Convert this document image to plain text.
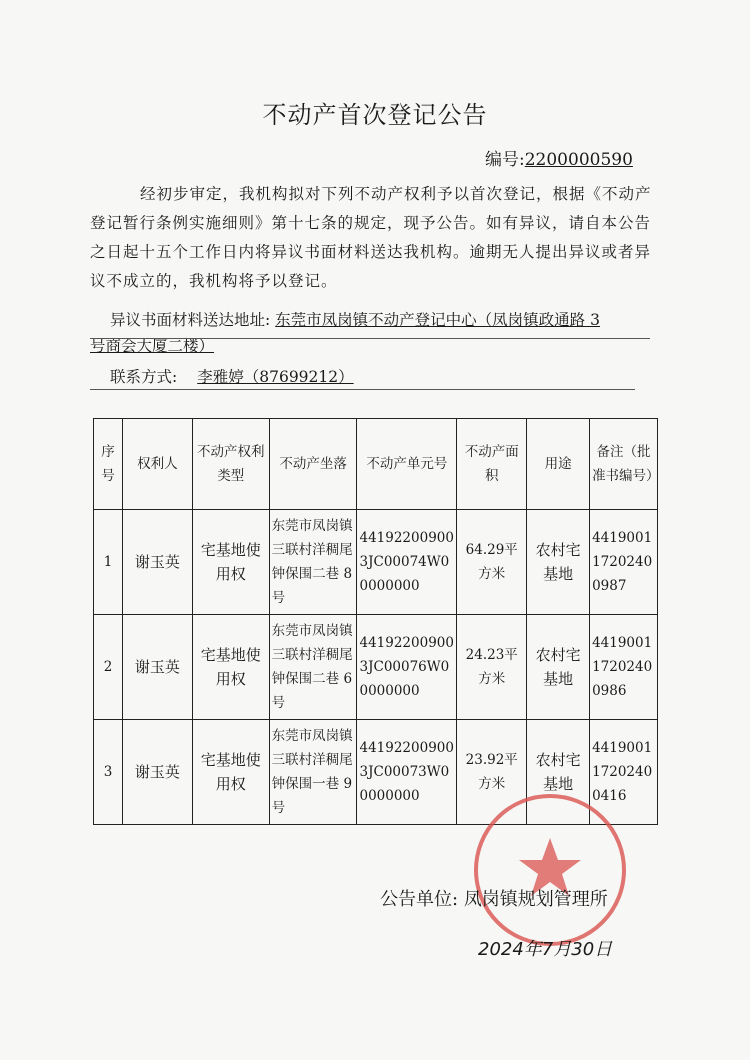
不动产首次登记公告
编号:2200000590
经初步审定，我机构拟对下列不动产权利予以首次登记，根据《不动产登记暂行条例实施细则》第十七条的规定，现予公告。如有异议，请自本公告之日起十五个工作日内将异议书面材料送达我机构。逾期无人提出异议或者异议不成立的，我机构将予以登记。
异议书面材料送达地址: 东莞市凤岗镇不动产登记中心（凤岗镇政通路 3
号商会大厦二楼）
联系方式: 李雅婷（87699212）
序号	权利人	不动产权利类型	不动产坐落	不动产单元号	不动产面积	用途	备注（批准书编号）
1	谢玉英	宅基地使用权	东莞市凤岗镇三联村洋稠尾钟保围二巷 8 号	441922009003JC00074W00000000	64.29平方米	农村宅基地	441900117202400987
2	谢玉英	宅基地使用权	东莞市凤岗镇三联村洋稠尾钟保围二巷 6 号	441922009003JC00076W00000000	24.23平方米	农村宅基地	441900117202400986
3	谢玉英	宅基地使用权	东莞市凤岗镇三联村洋稠尾钟保围一巷 9 号	441922009003JC00073W00000000	23.92平方米	农村宅基地	441900117202400416
公告单位: 凤岗镇规划管理所
2024年7月30日
